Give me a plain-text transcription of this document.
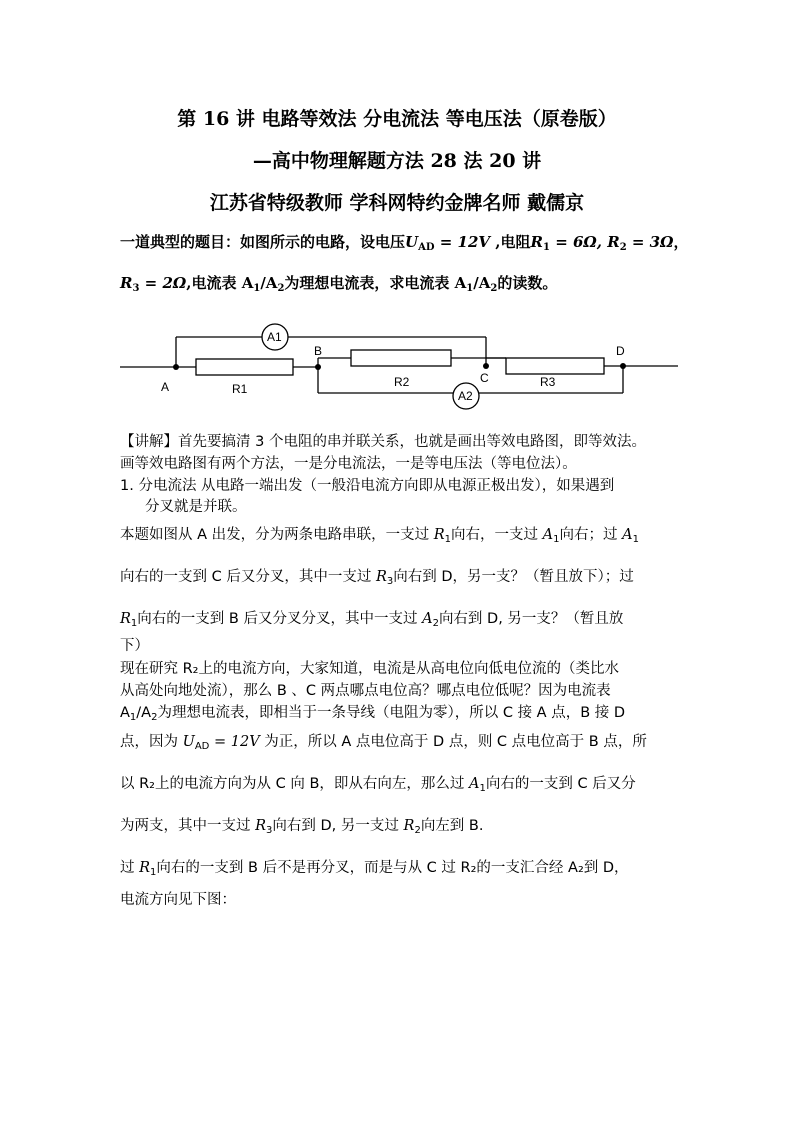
第 16 讲 电路等效法 分电流法 等电压法（原卷版）
—高中物理解题方法 28 法 20 讲
江苏省特级教师 学科网特约金牌名师 戴儒京
一道典型的题目：如图所示的电路，设电压$U_{AD} = 12V$ ,电阻$R_1 = 6\Omega$, $R_2 = 3\Omega$，
$R_3 = 2\Omega$,电流表 $A_1/A_2$为理想电流表，求电流表 $A_1/A_2$的读数。
A
B
C
D
R1	R2	R3
A1
A2
【讲解】首先要搞清 3 个电阻的串并联关系，也就是画出等效电路图，即等效法。
画等效电路图有两个方法，一是分电流法，一是等电压法（等电位法）。
1. 分电流法 从电路一端出发（一般沿电流方向即从电源正极出发），如果遇到
分叉就是并联。
本题如图从 A 出发，分为两条电路串联，一支过 $R_1$向右，一支过 $A_1$向右；过 $A_1$
向右的一支到 C 后又分叉，其中一支过 $R_3$向右到 D，另一支？（暂且放下）；过
$R_1$向右的一支到 B 后又分叉分叉，其中一支过 $A_2$向右到 D, 另一支？（暂且放
下）
现在研究 R₂上的电流方向，大家知道，电流是从高电位向低电位流的（类比水
从高处向地处流），那么 B 、C 两点哪点电位高？哪点电位低呢？因为电流表
$A_1/A_2$为理想电流表，即相当于一条导线（电阻为零），所以 C 接 A 点，B 接 D
点，因为 $U_{AD} = 12V$ 为正，所以 A 点电位高于 D 点，则 C 点电位高于 B 点，所
以 R₂上的电流方向为从 C 向 B，即从右向左，那么过 $A_1$向右的一支到 C 后又分
为两支，其中一支过 $R_3$向右到 D, 另一支过 $R_2$向左到 B.
过 $R_1$向右的一支到 B 后不是再分叉，而是与从 C 过 R₂的一支汇合经 A₂到 D，
电流方向见下图：
